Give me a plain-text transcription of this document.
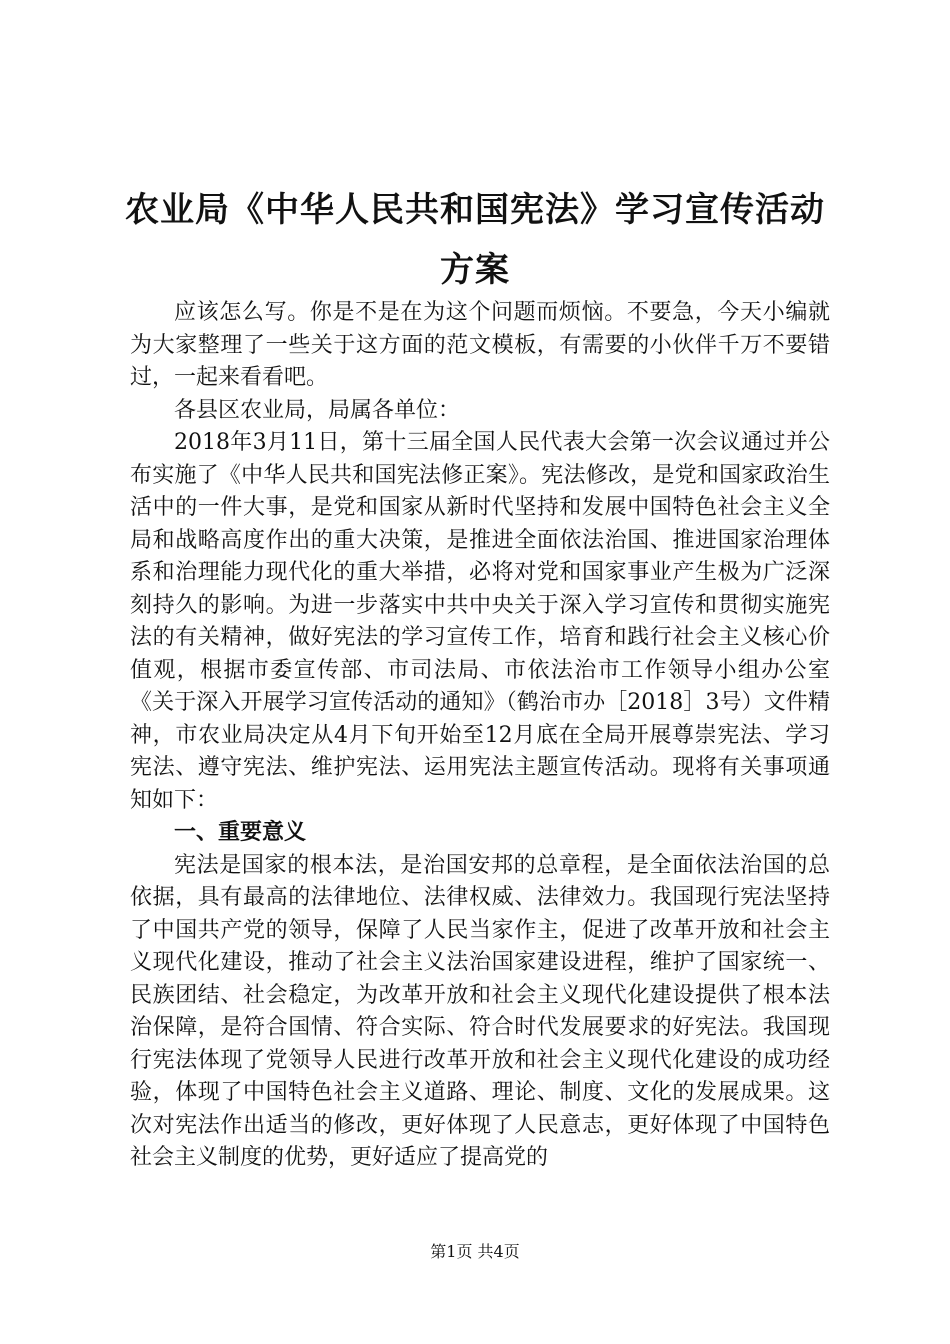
农业局《中华人民共和国宪法》学习宣传活动
方案

应该怎么写。你是不是在为这个问题而烦恼。不要急，今天小编就为大家整理了一些关于这方面的范文模板，有需要的小伙伴千万不要错过，一起来看看吧。

各县区农业局，局属各单位：

2018年3月11日，第十三届全国人民代表大会第一次会议通过并公布实施了《中华人民共和国宪法修正案》。宪法修改，是党和国家政治生活中的一件大事，是党和国家从新时代坚持和发展中国特色社会主义全局和战略高度作出的重大决策，是推进全面依法治国、推进国家治理体系和治理能力现代化的重大举措，必将对党和国家事业产生极为广泛深刻持久的影响。为进一步落实中共中央关于深入学习宣传和贯彻实施宪法的有关精神，做好宪法的学习宣传工作，培育和践行社会主义核心价值观，根据市委宣传部、市司法局、市依法治市工作领导小组办公室《关于深入开展学习宣传活动的通知》（鹤治市办［2018］3号）文件精神，市农业局决定从4月下旬开始至12月底在全局开展尊崇宪法、学习宪法、遵守宪法、维护宪法、运用宪法主题宣传活动。现将有关事项通知如下：

一、重要意义

宪法是国家的根本法，是治国安邦的总章程，是全面依法治国的总依据，具有最高的法律地位、法律权威、法律效力。我国现行宪法坚持了中国共产党的领导，保障了人民当家作主，促进了改革开放和社会主义现代化建设，推动了社会主义法治国家建设进程，维护了国家统一、民族团结、社会稳定，为改革开放和社会主义现代化建设提供了根本法治保障，是符合国情、符合实际、符合时代发展要求的好宪法。我国现行宪法体现了党领导人民进行改革开放和社会主义现代化建设的成功经验，体现了中国特色社会主义道路、理论、制度、文化的发展成果。这次对宪法作出适当的修改，更好体现了人民意志，更好体现了中国特色社会主义制度的优势，更好适应了提高党的

第1页 共4页
